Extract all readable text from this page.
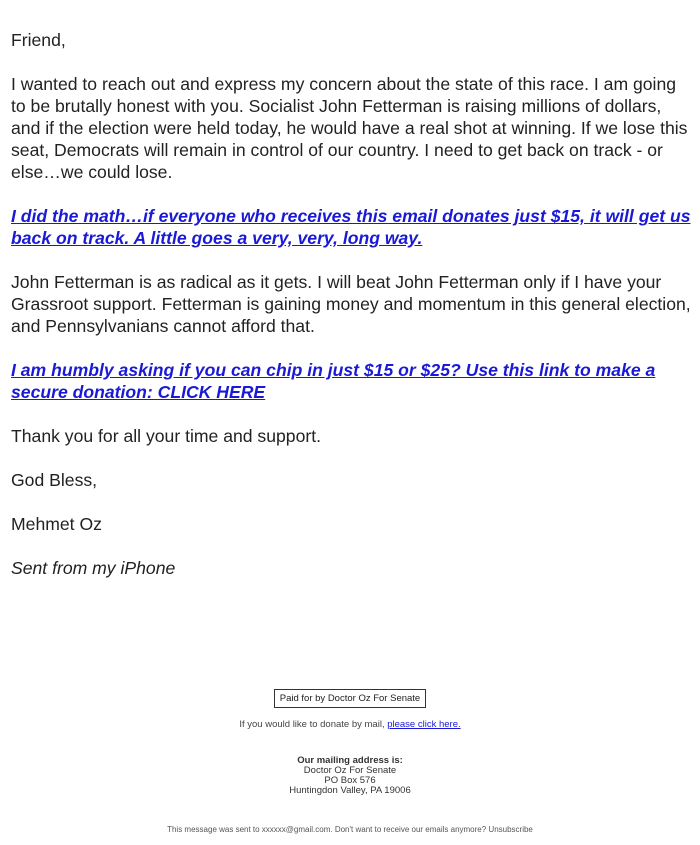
Friend,

I wanted to reach out and express my concern about the state of this race. I am going to be brutally honest with you. Socialist John Fetterman is raising millions of dollars, and if the election were held today, he would have a real shot at winning. If we lose this seat, Democrats will remain in control of our country. I need to get back on track - or else…we could lose.

I did the math…if everyone who receives this email donates just $15, it will get us back on track. A little goes a very, very, long way.

John Fetterman is as radical as it gets. I will beat John Fetterman only if I have your Grassroot support. Fetterman is gaining money and momentum in this general election, and Pennsylvanians cannot afford that.

I am humbly asking if you can chip in just $15 or $25? Use this link to make a secure donation: CLICK HERE

Thank you for all your time and support.

God Bless,

Mehmet Oz

Sent from my iPhone

Paid for by Doctor Oz For Senate
If you would like to donate by mail, please click here.
Our mailing address is:
Doctor Oz For Senate
PO Box 576
Huntingdon Valley, PA 19006
This message was sent to xxxxxx@gmail.com. Don't want to receive our emails anymore? Unsubscribe
